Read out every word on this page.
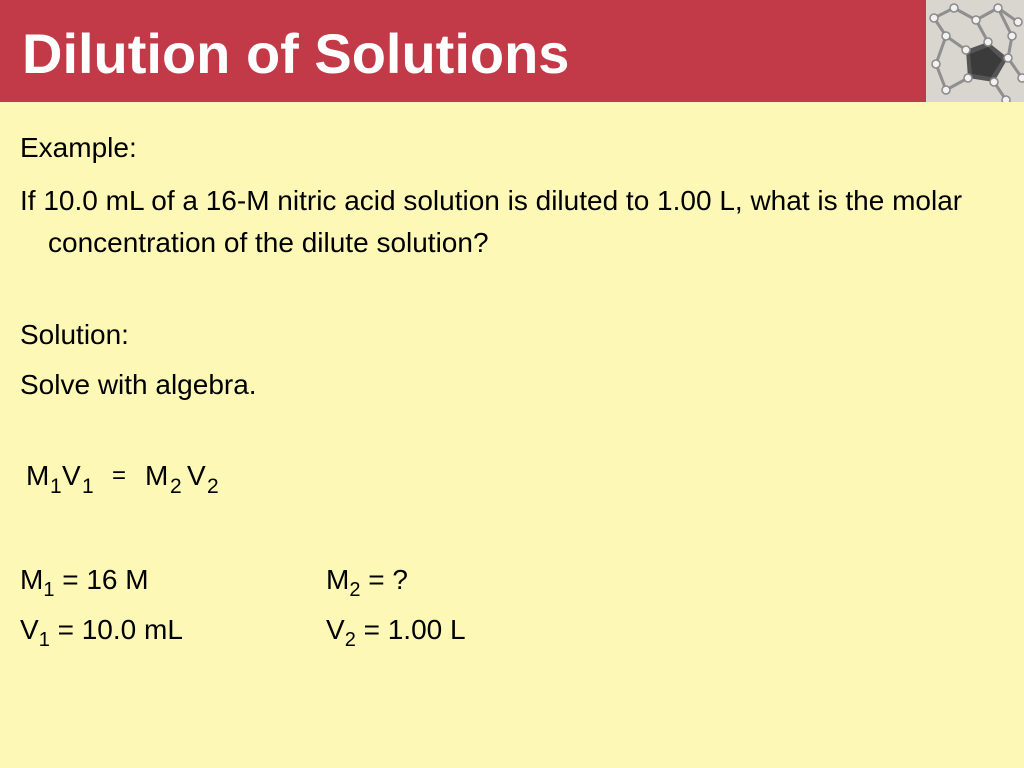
Dilution of Solutions
Example:

If 10.0 mL of a 16-M nitric acid solution is diluted to 1.00 L, what is the molar concentration of the dilute solution?

Solution:
Solve with algebra.
M 1 V 1 = M 2 V 2
$M_1 = 16$ M	$M_2$ = ?
$V_1 = 10.0$ mL	$V_2 = 1.00$ L
